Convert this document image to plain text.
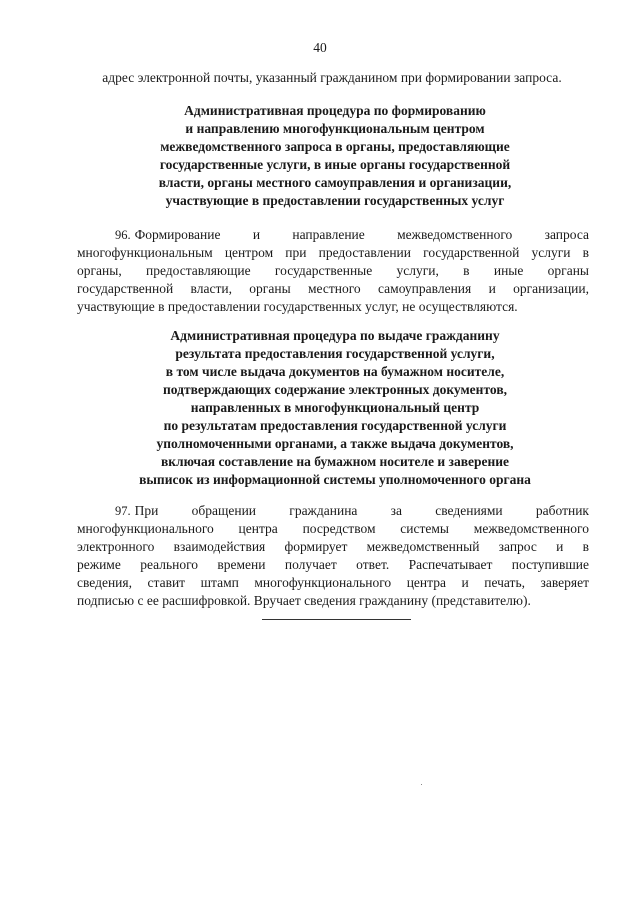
40
адрес электронной почты, указанный гражданином при формировании запроса.
Административная процедура по формированию
и направлению многофункциональным центром
межведомственного запроса в органы, предоставляющие
государственные услуги, в иные органы государственной
власти, органы местного самоуправления и организации,
участвующие в предоставлении государственных услуг
96. Формирование и направление межведомственного запроса
многофункциональным центром при предоставлении государственной услуги в
органы, предоставляющие государственные услуги, в иные органы
государственной власти, органы местного самоуправления и организации,
участвующие в предоставлении государственных услуг, не осуществляются.
Административная процедура по выдаче гражданину
результата предоставления государственной услуги,
в том числе выдача документов на бумажном носителе,
подтверждающих содержание электронных документов,
направленных в многофункциональный центр
по результатам предоставления государственной услуги
уполномоченными органами, а также выдача документов,
включая составление на бумажном носителе и заверение
выписок из информационной системы уполномоченного органа
97. При обращении гражданина за сведениями работник
многофункционального центра посредством системы межведомственного
электронного взаимодействия формирует межведомственный запрос и в
режиме реального времени получает ответ. Распечатывает поступившие
сведения, ставит штамп многофункционального центра и печать, заверяет
подписью с ее расшифровкой. Вручает сведения гражданину (представителю).
